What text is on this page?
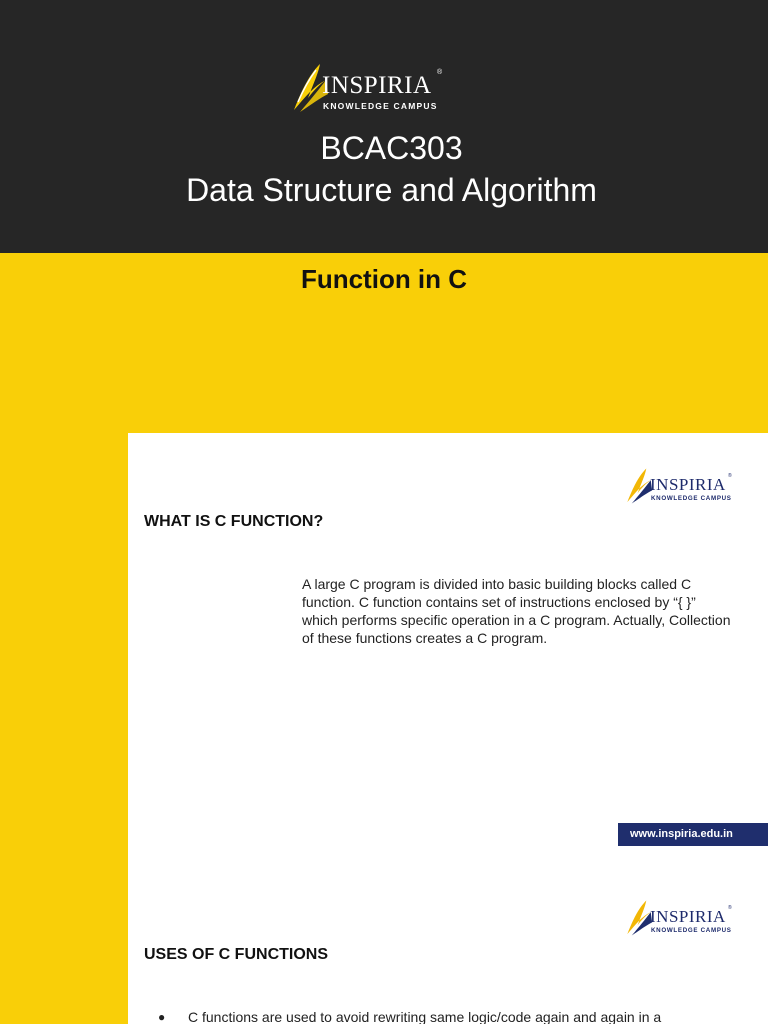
INSPIRIA ®
KNOWLEDGE CAMPUS
BCAC303
Data Structure and Algorithm
Function in C
INSPIRIA ®
KNOWLEDGE CAMPUS
WHAT IS C FUNCTION?
A large C program is divided into basic building blocks called C function. C function contains set of instructions enclosed by “{ }” which performs specific operation in a C program. Actually, Collection of these functions creates a C program.
www.inspiria.edu.in
INSPIRIA ®
KNOWLEDGE CAMPUS
USES OF C FUNCTIONS
● C functions are used to avoid rewriting same logic/code again and again in a
